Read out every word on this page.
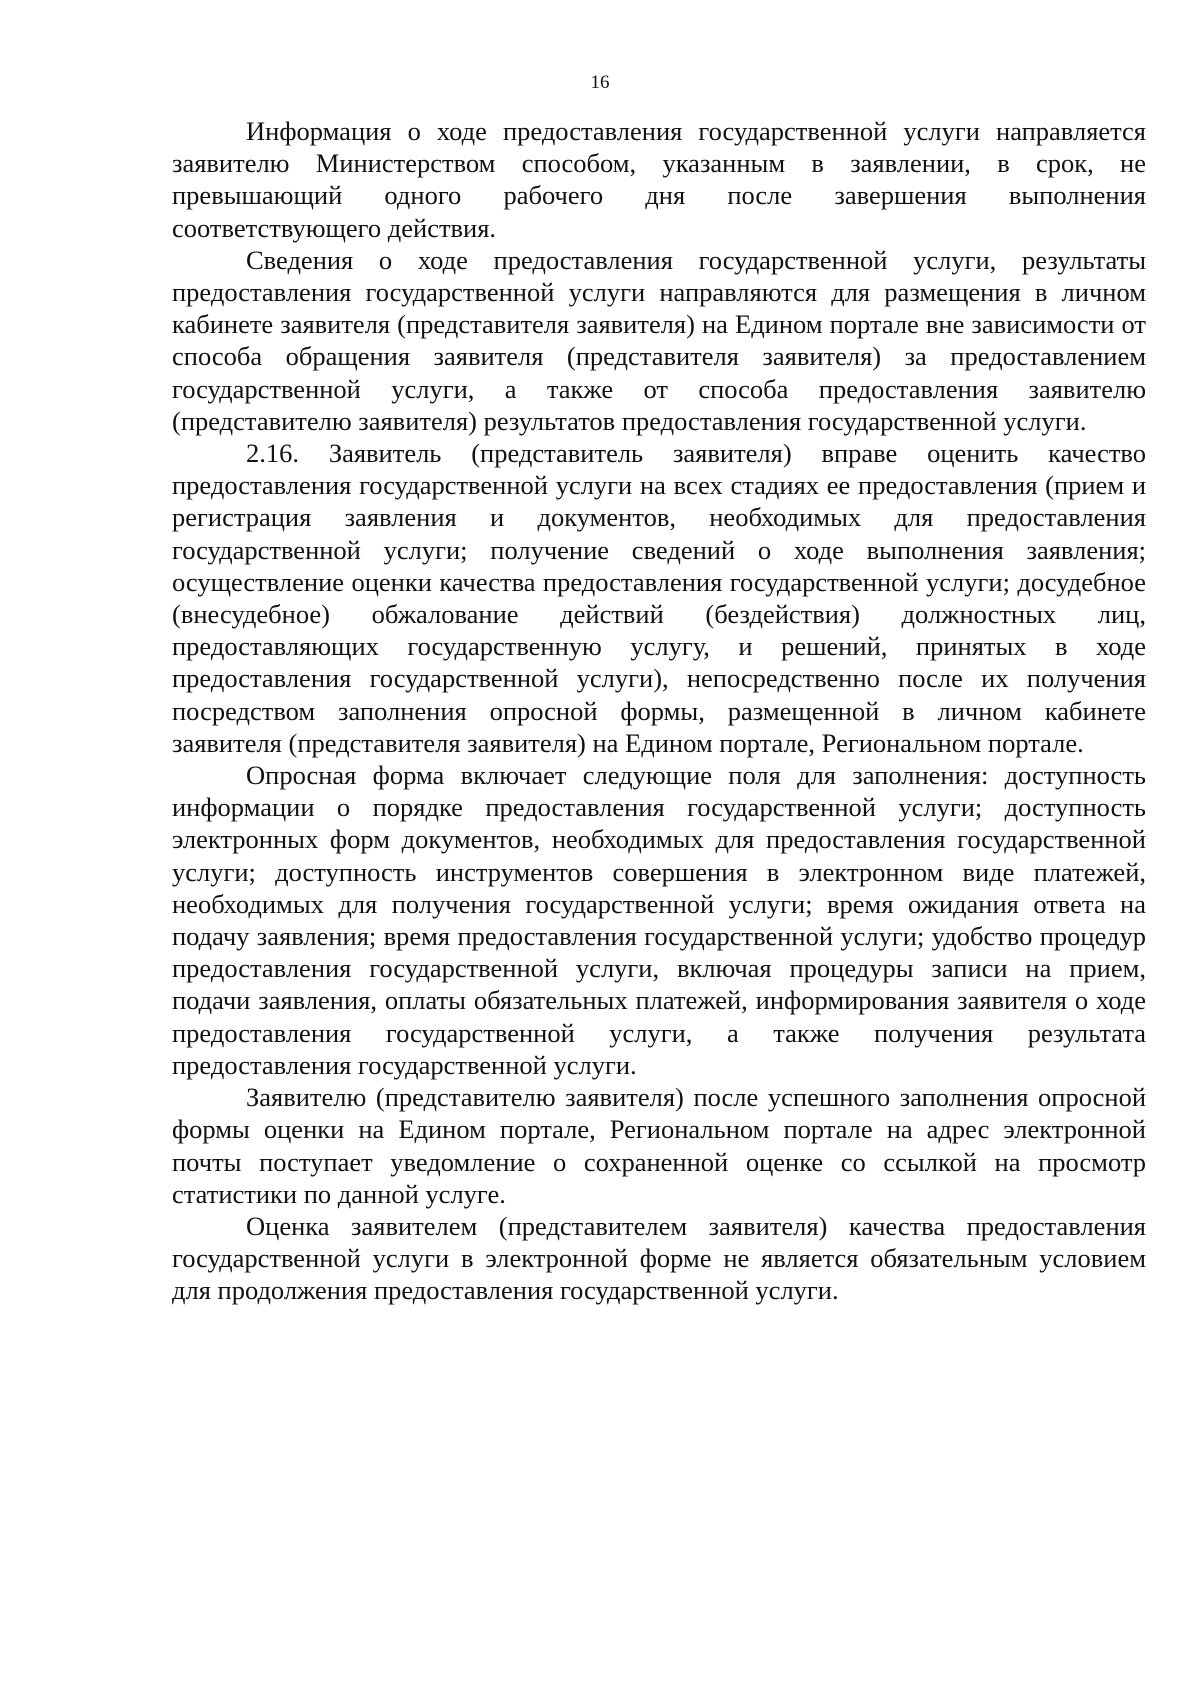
16

Информация о ходе предоставления государственной услуги направляется заявителю Министерством способом, указанным в заявлении, в срок, не превышающий одного рабочего дня после завершения выполнения соответствующего действия.

Сведения о ходе предоставления государственной услуги, результаты предоставления государственной услуги направляются для размещения в личном кабинете заявителя (представителя заявителя) на Едином портале вне зависимости от способа обращения заявителя (представителя заявителя) за предоставлением государственной услуги, а также от способа предоставления заявителю (представителю заявителя) результатов предоставления государственной услуги.

2.16. Заявитель (представитель заявителя) вправе оценить качество предоставления государственной услуги на всех стадиях ее предоставления (прием и регистрация заявления и документов, необходимых для предоставления государственной услуги; получение сведений о ходе выполнения заявления; осуществление оценки качества предоставления государственной услуги; досудебное (внесудебное) обжалование действий (бездействия) должностных лиц, предоставляющих государственную услугу, и решений, принятых в ходе предоставления государственной услуги), непосредственно после их получения посредством заполнения опросной формы, размещенной в личном кабинете заявителя (представителя заявителя) на Едином портале, Региональном портале.

Опросная форма включает следующие поля для заполнения: доступность информации о порядке предоставления государственной услуги; доступность электронных форм документов, необходимых для предоставления государственной услуги; доступность инструментов совершения в электронном виде платежей, необходимых для получения государственной услуги; время ожидания ответа на подачу заявления; время предоставления государственной услуги; удобство процедур предоставления государственной услуги, включая процедуры записи на прием, подачи заявления, оплаты обязательных платежей, информирования заявителя о ходе предоставления государственной услуги, а также получения результата предоставления государственной услуги.

Заявителю (представителю заявителя) после успешного заполнения опросной формы оценки на Едином портале, Региональном портале на адрес электронной почты поступает уведомление о сохраненной оценке со ссылкой на просмотр статистики по данной услуге.

Оценка заявителем (представителем заявителя) качества предоставления государственной услуги в электронной форме не является обязательным условием для продолжения предоставления государственной услуги.
